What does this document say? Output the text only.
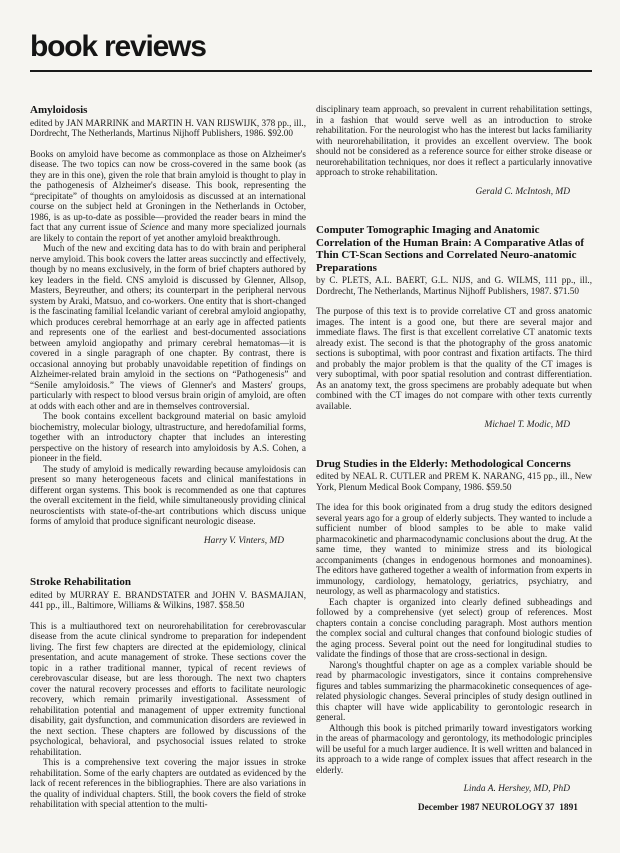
book reviews
Amyloidosis

edited by JAN MARRINK and MARTIN H. VAN RIJSWIJK, 378 pp., ill., Dordrecht, The Netherlands, Martinus Nijhoff Publishers, 1986. $92.00

Books on amyloid have become as commonplace as those on Alzheimer's disease. The two topics can now be cross-covered in the same book (as they are in this one), given the role that brain amyloid is thought to play in the pathogenesis of Alzheimer's disease. This book, representing the “precipitate” of thoughts on amyloidosis as discussed at an international course on the subject held at Groningen in the Netherlands in October, 1986, is as up-to-date as possible—provided the reader bears in mind the fact that any current issue of Science and many more specialized journals are likely to contain the report of yet another amyloid breakthrough.

Much of the new and exciting data has to do with brain and peripheral nerve amyloid. This book covers the latter areas succinctly and effectively, though by no means exclusively, in the form of brief chapters authored by key leaders in the field. CNS amyloid is discussed by Glenner, Allsop, Masters, Beyreuther, and others; its counterpart in the peripheral nervous system by Araki, Matsuo, and co-workers. One entity that is short-changed is the fascinating familial Icelandic variant of cerebral amyloid angiopathy, which produces cerebral hemorrhage at an early age in affected patients and represents one of the earliest and best-documented associations between amyloid angiopathy and primary cerebral hematomas—it is covered in a single paragraph of one chapter. By contrast, there is occasional annoying but probably unavoidable repetition of findings on Alzheimer-related brain amyloid in the sections on “Pathogenesis” and “Senile amyloidosis.” The views of Glenner's and Masters' groups, particularly with respect to blood versus brain origin of amyloid, are often at odds with each other and are in themselves controversial.

The book contains excellent background material on basic amyloid biochemistry, molecular biology, ultrastructure, and heredofamilial forms, together with an introductory chapter that includes an interesting perspective on the history of research into amyloidosis by A.S. Cohen, a pioneer in the field.

The study of amyloid is medically rewarding because amyloidosis can present so many heterogeneous facets and clinical manifestations in different organ systems. This book is recommended as one that captures the overall excitement in the field, while simultaneously providing clinical neuroscientists with state-of-the-art contributions which discuss unique forms of amyloid that produce significant neurologic disease.

Harry V. Vinters, MD

Stroke Rehabilitation

edited by MURRAY E. BRANDSTATER and JOHN V. BASMAJIAN, 441 pp., ill., Baltimore, Williams & Wilkins, 1987. $58.50

This is a multiauthored text on neurorehabilitation for cerebrovascular disease from the acute clinical syndrome to preparation for independent living. The first few chapters are directed at the epidemiology, clinical presentation, and acute management of stroke. These sections cover the topic in a rather traditional manner, typical of recent reviews of cerebrovascular disease, but are less thorough. The next two chapters cover the natural recovery processes and efforts to facilitate neurologic recovery, which remain primarily investigational. Assessment of rehabilitation potential and management of upper extremity functional disability, gait dysfunction, and communication disorders are reviewed in the next section. These chapters are followed by discussions of the psychological, behavioral, and psychosocial issues related to stroke rehabilitation.

This is a comprehensive text covering the major issues in stroke rehabilitation. Some of the early chapters are outdated as evidenced by the lack of recent references in the bibliographies. There are also variations in the quality of individual chapters. Still, the book covers the field of stroke rehabilitation with special attention to the multi-

disciplinary team approach, so prevalent in current rehabilitation settings, in a fashion that would serve well as an introduction to stroke rehabilitation. For the neurologist who has the interest but lacks familiarity with neurorehabilitation, it provides an excellent overview. The book should not be considered as a reference source for either stroke disease or neurorehabilitation techniques, nor does it reflect a particularly innovative approach to stroke rehabilitation.

Gerald C. McIntosh, MD

Computer Tomographic Imaging and Anatomic Correlation of the Human Brain: A Comparative Atlas of Thin CT-Scan Sections and Correlated Neuro-anatomic Preparations

by C. PLETS, A.L. BAERT, G.L. NIJS, and G. WILMS, 111 pp., ill., Dordrecht, The Netherlands, Martinus Nijhoff Publishers, 1987. $71.50

The purpose of this text is to provide correlative CT and gross anatomic images. The intent is a good one, but there are several major and immediate flaws. The first is that excellent correlative CT anatomic texts already exist. The second is that the photography of the gross anatomic sections is suboptimal, with poor contrast and fixation artifacts. The third and probably the major problem is that the quality of the CT images is very suboptimal, with poor spatial resolution and contrast differentiation. As an anatomy text, the gross specimens are probably adequate but when combined with the CT images do not compare with other texts currently available.

Michael T. Modic, MD

Drug Studies in the Elderly: Methodological Concerns

edited by NEAL R. CUTLER and PREM K. NARANG, 415 pp., ill., New York, Plenum Medical Book Company, 1986. $59.50

The idea for this book originated from a drug study the editors designed several years ago for a group of elderly subjects. They wanted to include a sufficient number of blood samples to be able to make valid pharmacokinetic and pharmacodynamic conclusions about the drug. At the same time, they wanted to minimize stress and its biological accompaniments (changes in endogenous hormones and monoamines). The editors have gathered together a wealth of information from experts in immunology, cardiology, hematology, geriatrics, psychiatry, and neurology, as well as pharmacology and statistics.

Each chapter is organized into clearly defined subheadings and followed by a comprehensive (yet select) group of references. Most chapters contain a concise concluding paragraph. Most authors mention the complex social and cultural changes that confound biologic studies of the aging process. Several point out the need for longitudinal studies to validate the findings of those that are cross-sectional in design.

Narong's thoughtful chapter on age as a complex variable should be read by pharmacologic investigators, since it contains comprehensive figures and tables summarizing the pharmacokinetic consequences of age-related physiologic changes. Several principles of study design outlined in this chapter will have wide applicability to gerontologic research in general.

Although this book is pitched primarily toward investigators working in the areas of pharmacology and gerontology, its methodologic principles will be useful for a much larger audience. It is well written and balanced in its approach to a wide range of complex issues that affect research in the elderly.

Linda A. Hershey, MD, PhD

December 1987 NEUROLOGY 37  1891
